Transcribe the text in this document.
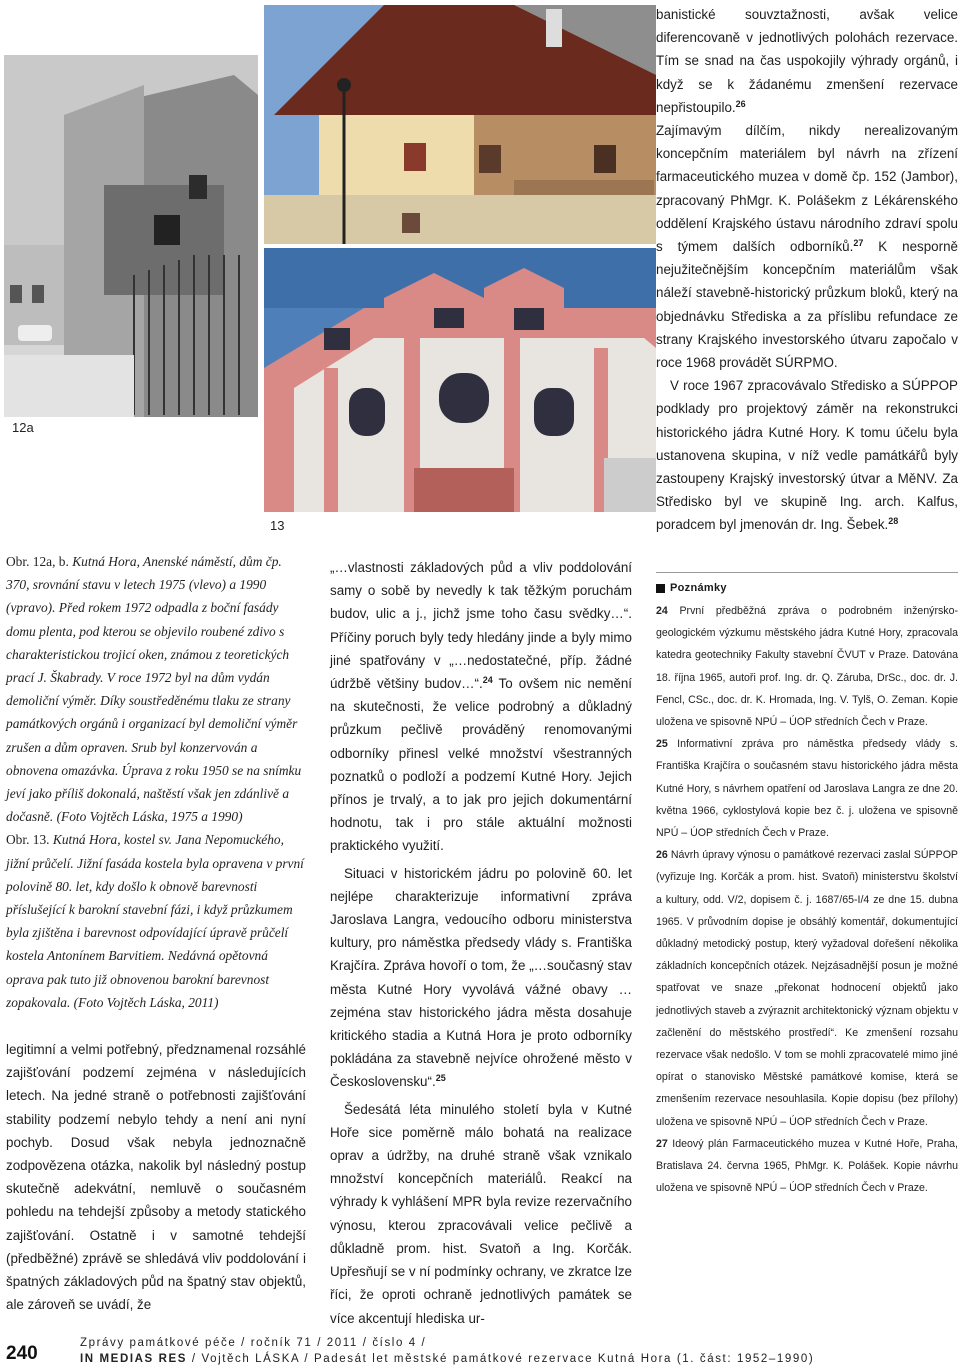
12a
13

banistické souvztažnosti, avšak velice diferencovaně v jednotlivých polohách rezervace. Tím se snad na čas uspokojily výhrady orgánů, i když se k žádanému zmenšení rezervace nepřistoupilo.$^{26}$

Zajímavým dílčím, nikdy nerealizovaným koncepčním materiálem byl návrh na zřízení farmaceutického muzea v domě čp. 152 (Jambor), zpracovaný PhMgr. K. Polášekm z Lékárenského oddělení Krajského ústavu národního zdraví spolu s týmem dalších odborníků.$^{27}$ K nesporně nejužitečnějším koncepčním materiálům však náleží stavebně-historický průzkum bloků, který na objednávku Střediska a za příslibu refundace ze strany Krajského investorského útvaru započalo v roce 1968 provádět SÚRPMO.

V roce 1967 zpracovávalo Středisko a SÚPPOP podklady pro projektový záměr na rekonstrukci historického jádra Kutné Hory. K tomu účelu byla ustanovena skupina, v níž vedle památkářů byly zastoupeny Krajský investorský útvar a MěNV. Za Středisko byl ve skupině Ing. arch. Kalfus, poradcem byl jmenován dr. Ing. Šebek.$^{28}$

Obr. 12a, b. Kutná Hora, Anenské náměstí, dům čp. 370, srovnání stavu v letech 1975 (vlevo) a 1990 (vpravo). Před rokem 1972 odpadla z boční fasády domu plenta, pod kterou se objevilo roubené zdivo s charakteristickou trojicí oken, známou z teoretických prací J. Škabrady. V roce 1972 byl na dům vydán demoliční výměr. Díky soustředěnému tlaku ze strany památkových orgánů i organizací byl demoliční výměr zrušen a dům opraven. Srub byl konzervován a obnovena omazávka. Úprava z roku 1950 se na snímku jeví jako příliš dokonalá, naštěstí však jen zdánlivě a dočasně. (Foto Vojtěch Láska, 1975 a 1990)

Obr. 13. Kutná Hora, kostel sv. Jana Nepomuckého, jižní průčelí. Jižní fasáda kostela byla opravena v první polovině 80. let, kdy došlo k obnově barevnosti příslušející k barokní stavební fázi, i když průzkumem byla zjištěna i barevnost odpovídající úpravě průčelí kostela Antonínem Barvitiem. Nedávná opětovná oprava pak tuto již obnovenou barokní barevnost zopakovala. (Foto Vojtěch Láska, 2011)

legitimní a velmi potřebný, předznamenal rozsáhlé zajišťování podzemí zejména v následujících letech. Na jedné straně o potřebnosti zajišťování stability podzemí nebylo tehdy a není ani nyní pochyb. Dosud však nebyla jednoznačně zodpovězena otázka, nakolik byl následný postup skutečně adekvátní, nemluvě o současném pohledu na tehdejší způsoby a metody statického zajišťování. Ostatně i v samotné tehdejší (předběžné) zprávě se shledává vliv poddolování i špatných základových půd na špatný stav objektů, ale zároveň se uvádí, že

„…vlastnosti základových půd a vliv poddolování samy o sobě by nevedly k tak těžkým poruchám budov, ulic a j., jichž jsme toho času svědky…“. Příčiny poruch byly tedy hledány jinde a byly mimo jiné spatřovány v „…nedostatečné, příp. žádné údržbě většiny budov…“.$^{24}$ To ovšem nic nemění na skutečnosti, že velice podrobný a důkladný průzkum pečlivě prováděný renomovanými odborníky přinesl velké množství všestranných poznatků o podloží a podzemí Kutné Hory. Jejich přínos je trvalý, a to jak pro jejich dokumentární hodnotu, tak i pro stále aktuální možnosti praktického využití.

Situaci v historickém jádru po polovině 60. let nejlépe charakterizuje informativní zpráva Jaroslava Langra, vedoucího odboru ministerstva kultury, pro náměstka předsedy vlády s. Františka Krajčíra. Zpráva hovoří o tom, že „…současný stav města Kutné Hory vyvolává vážné obavy … zejména stav historického jádra města dosahuje kritického stadia a Kutná Hora je proto odborníky pokládána za stavebně nejvíce ohrožené město v Československu“.$^{25}$

Šedesátá léta minulého století byla v Kutné Hoře sice poměrně málo bohatá na realizace oprav a údržby, na druhé straně však vznikalo množství koncepčních materiálů. Reakcí na výhrady k vyhlášení MPR byla revize rezervačního výnosu, kterou zpracovávali velice pečlivě a důkladně prom. hist. Svatoň a Ing. Korčák. Upřesňují se v ní podmínky ochrany, ve zkratce lze říci, že oproti ochraně jednotlivých památek se více akcentují hlediska ur-

Poznámky

24 První předběžná zpráva o podrobném inženýrsko-geologickém výzkumu městského jádra Kutné Hory, zpracovala katedra geotechniky Fakulty stavební ČVUT v Praze. Datována 18. října 1965, autoři prof. Ing. dr. Q. Záruba, DrSc., doc. dr. J. Fencl, CSc., doc. dr. K. Hromada, Ing. V. Tylš, O. Zeman. Kopie uložena ve spisovně NPÚ – ÚOP středních Čech v Praze.

25 Informativní zpráva pro náměstka předsedy vlády s. Františka Krajčíra o současném stavu historického jádra města Kutné Hory, s návrhem opatření od Jaroslava Langra ze dne 20. května 1966, cyklostylová kopie bez č. j. uložena ve spisovně NPÚ – ÚOP středních Čech v Praze.

26 Návrh úpravy výnosu o památkové rezervaci zaslal SÚPPOP (vyřizuje Ing. Korčák a prom. hist. Svatoň) ministerstvu školství a kultury, odd. V/2, dopisem č. j. 1687/65-I/4 ze dne 15. dubna 1965. V průvodním dopise je obsáhlý komentář, dokumentující důkladný metodický postup, který vyžadoval dořešení několika základních koncepčních otázek. Nejzásadnější posun je možné spatřovat ve snaze „překonat hodnocení objektů jako jednotlivých staveb a zvýraznit architektonický význam objektu v začlenění do městského prostředí“. Ke zmenšení rozsahu rezervace však nedošlo. V tom se mohli zpracovatelé mimo jiné opírat o stanovisko Městské památkové komise, která se zmenšením rezervace nesouhlasila. Kopie dopisu (bez přílohy) uložena ve spisovně NPÚ – ÚOP středních Čech v Praze.

27 Ideový plán Farmaceutického muzea v Kutné Hoře, Praha, Bratislava 24. června 1965, PhMgr. K. Polášek. Kopie návrhu uložena ve spisovně NPÚ – ÚOP středních Čech v Praze.

240	Zprávy památkové péče / ročník 71 / 2011 / číslo 4 /
IN MEDIAS RES / Vojtěch LÁSKA / Padesát let městské památkové rezervace Kutná Hora (1. část: 1952–1990)
